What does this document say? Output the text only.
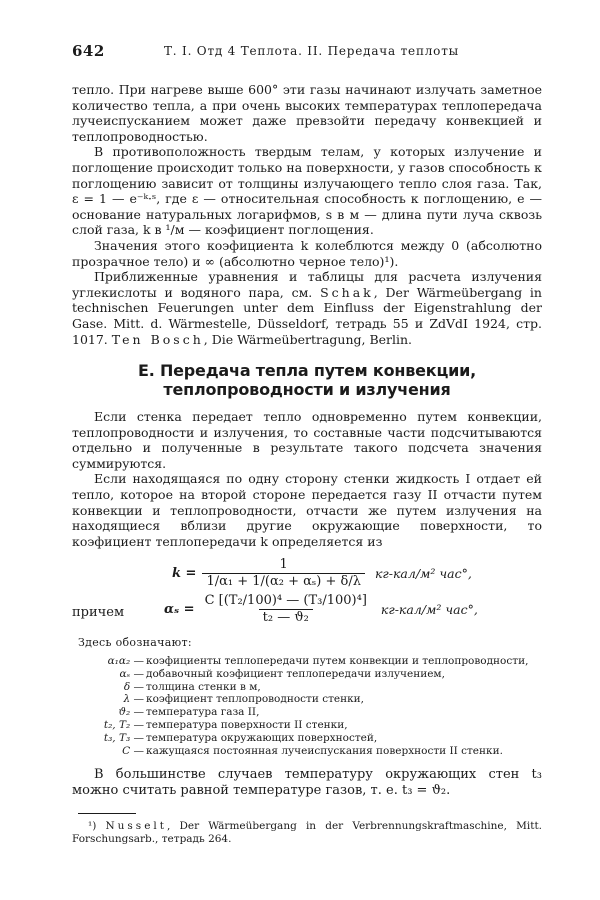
642	Т. I. Отд 4 Теплота. II. Передача теплоты

тепло. При нагреве выше 600° эти газы начинают излучать заметное количество тепла, а при очень высоких температурах теплопередача лучеиспусканием может даже превзойти передачу конвекцией и теплопроводностью.

В противоположность твердым телам, у которых излучение и поглощение происходит только на поверхности, у газов способность к поглощению зависит от толщины излучающего тепло слоя газа. Так, ε = 1 — e⁻ᵏ·ˢ, где ε — относительная способность к поглощению, e — основание натуральных логарифмов, s в м — длина пути луча сквозь слой газа, k в ¹/м — коэфициент поглощения.

Значения этого коэфициента k колеблются между 0 (абсолютно прозрачное тело) и ∞ (абсолютно черное тело)¹).

Приближенные уравнения и таблицы для расчета излучения углекислоты и водяного пара, см. Schak, Der Wärmeübergang in technischen Feuerungen unter dem Einfluss der Eigenstrahlung der Gase. Mitt. d. Wärmestelle, Düsseldorf, тетрадь 55 и ZdVdI 1924, стр. 1017. Ten Bosch, Die Wärmeübertragung, Berlin.

Е. Передача тепла путем конвекции, теплопроводности и излучения

Если стенка передает тепло одновременно путем конвекции, теплопроводности и излучения, то составные части подсчитываются отдельно и полученные в результате такого подсчета значения суммируются.

Если находящаяся по одну сторону стенки жидкость I отдает ей тепло, которое на второй стороне передается газу II отчасти путем конвекции и теплопроводности, отчасти же путем излучения на находящиеся вблизи другие окружающие поверхности, то коэфициент теплопередачи k определяется из

$k = \frac{1}{\text{1/α₁ + 1/(α₂ + αₛ) + δ/λ}} кг-кал/м^2$ час°,
причем	$\alpha_s = \frac{\text{C [(T₂/100)⁴ — (T₃/100)⁴]}}{\text{t₂ — ϑ₂}} кг-кал/м^2$ час°,
Здесь обозначают:
α₁α₂ — коэфициенты теплопередачи путем конвекции и теплопроводности,
αₛ — добавочный коэфициент теплопередачи излучением,
δ — толщина стенки в м,
λ — коэфициент теплопроводности стенки,
ϑ₂ — температура газа II,
t₂, T₂ — температура поверхности II стенки,
t₃, T₃ — температура окружающих поверхностей,
C — кажущаяся постоянная лучеиспускания поверхности II стенки.

В большинстве случаев температуру окружающих стен t₃ можно считать равной температуре газов, т. е. t₃ = ϑ₂.

¹) Nusselt, Der Wärmeübergang in der Verbrennungskraftmaschine, Mitt. Forschungsarb., тетрадь 264.
